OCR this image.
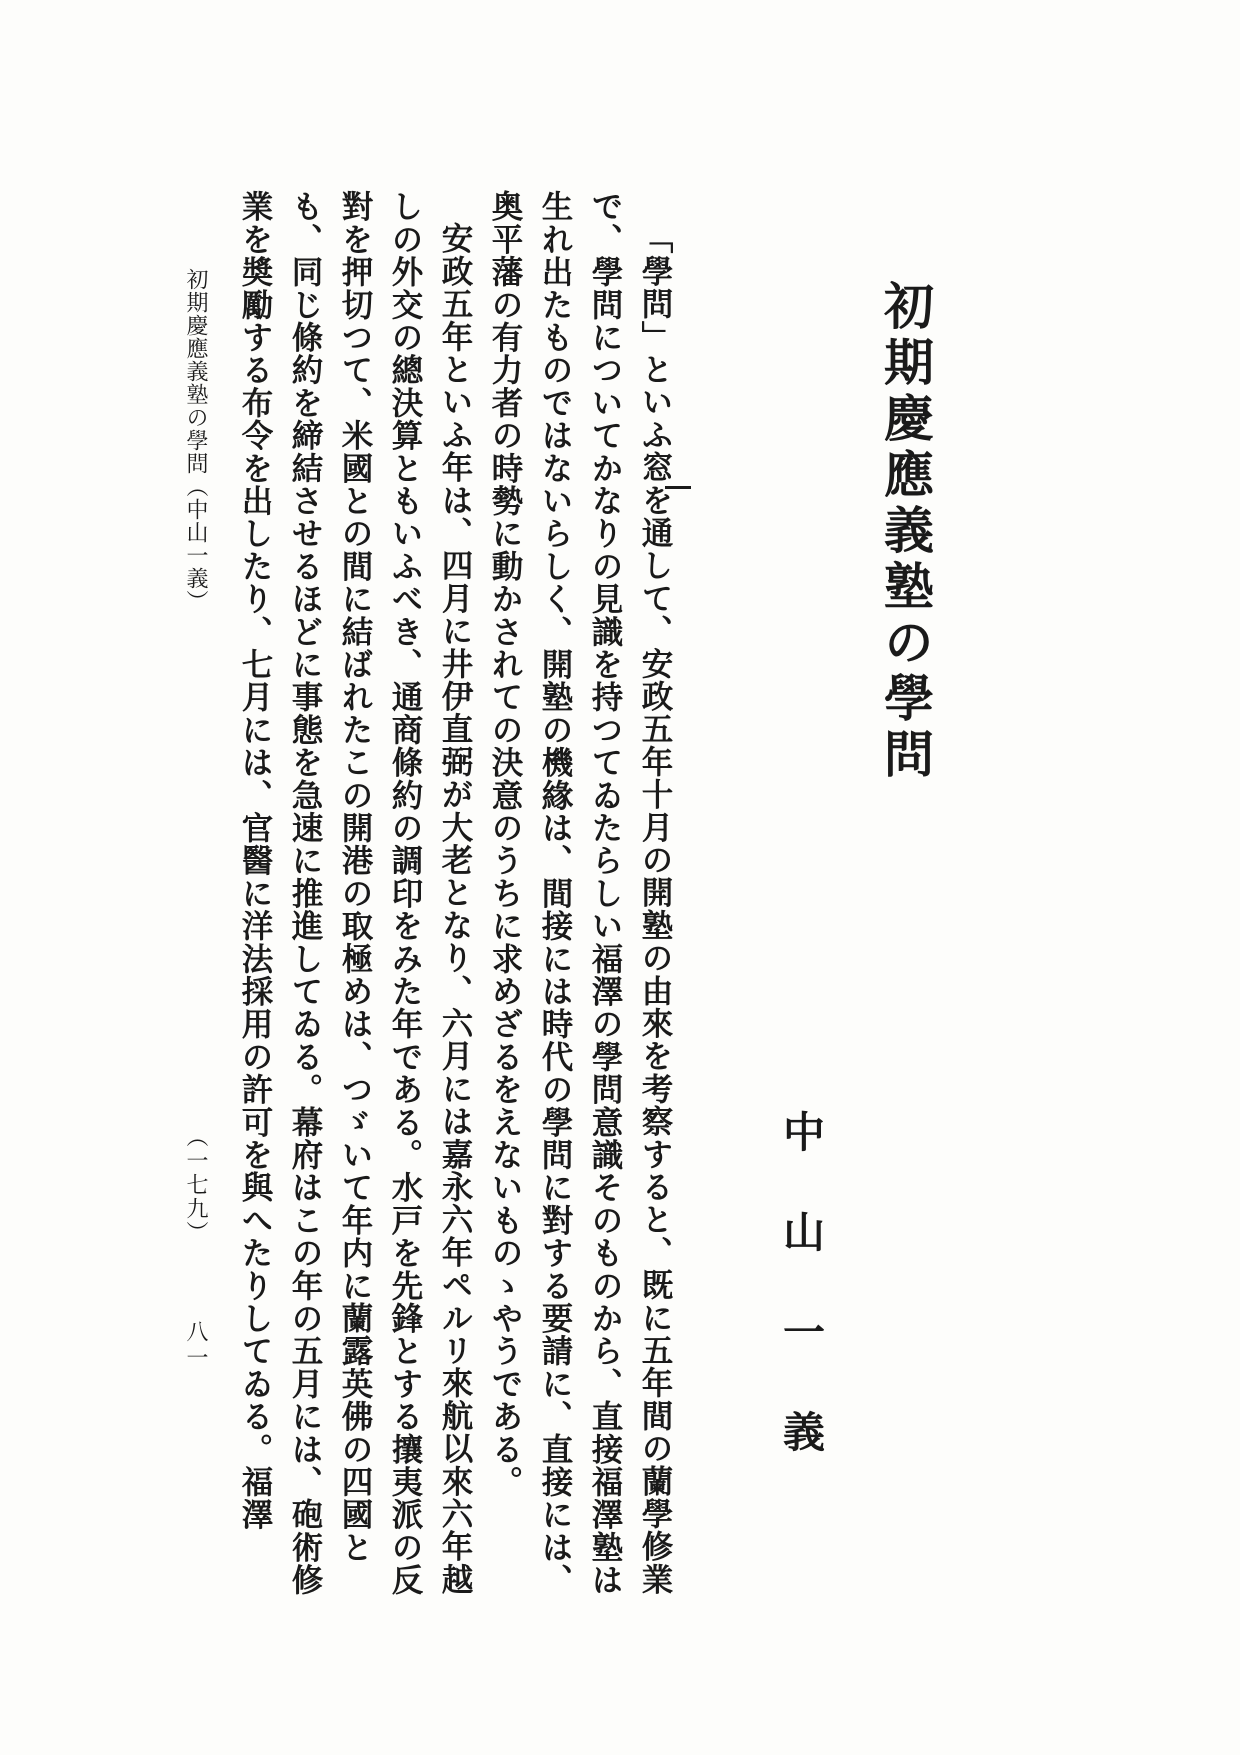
初期慶應義塾の學問
中山一義

「學問」といふ窓を通して、安政五年十月の開塾の由來を考察すると、既に五年間の蘭學修業で、學問についてかなりの見識を持つてゐたらしい福澤の學問意識そのものから、直接福澤塾は生れ出たものではないらしく、開塾の機緣は、間接には時代の學問に對する要請に、直接には、奥平藩の有力者の時勢に動かされての決意のうちに求めざるをえないものゝやうである。

安政五年といふ年は、四月に井伊直弼が大老となり、六月には嘉永六年ペルリ來航以來六年越しの外交の總決算ともいふべき、通商條約の調印をみた年である。水戸を先鋒とする攘夷派の反對を押切つて、米國との間に結ばれたこの開港の取極めは、つゞいて年内に蘭露英佛の四國とも、同じ條約を締結させるほどに事態を急速に推進してゐる。幕府はこの年の五月には、砲術修業を奬勵する布令を出したり、七月には、官醫に洋法採用の許可を與へたりしてゐる。福澤

初期慶應義塾の學問（中山一義）
（一七九）
八一
